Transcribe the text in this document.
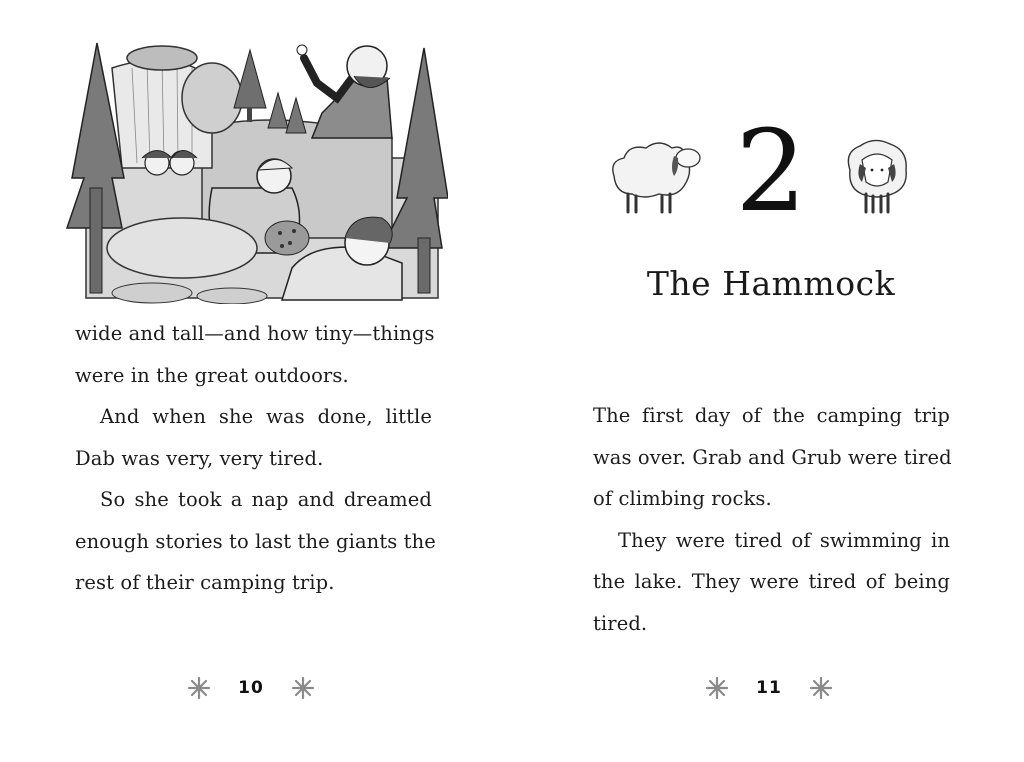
wide and tall—and how tiny—things
were in the great outdoors.
And when she was done, little
Dab was very, very tired.
So she took a nap and dreamed
enough stories to last the giants the
rest of their camping trip.
10
2
The Hammock
The first day of the camping trip
was over. Grab and Grub were tired
of climbing rocks.
They were tired of swimming in
the lake. They were tired of being
tired.
11
